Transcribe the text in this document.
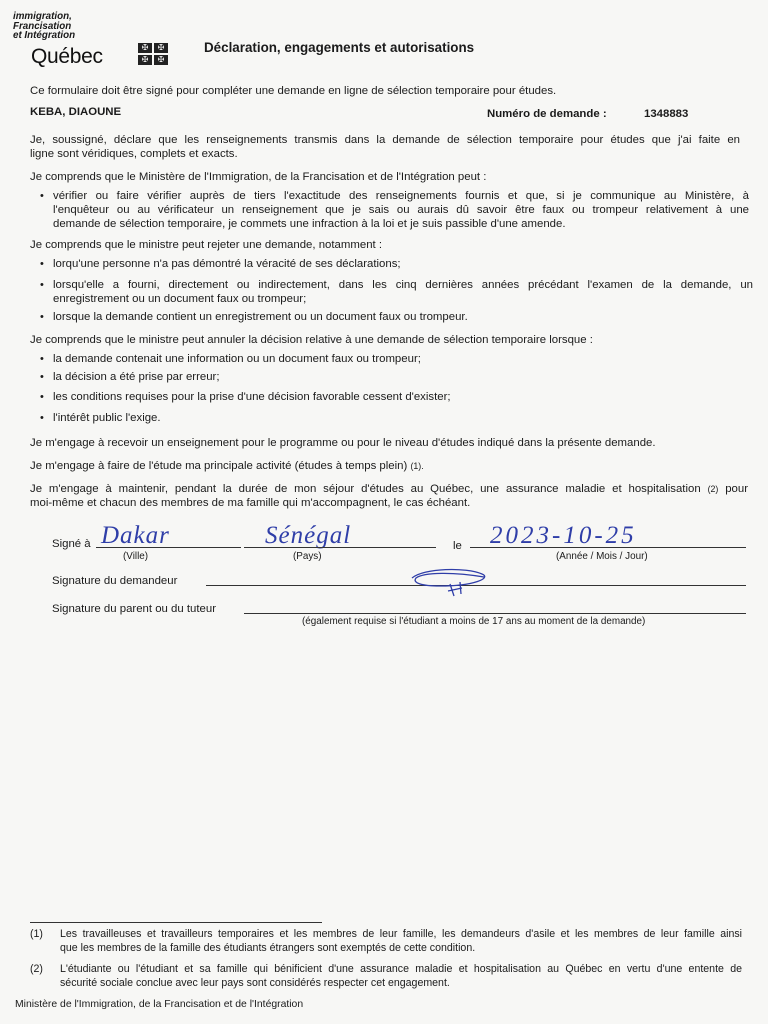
immigration,
Francisation
et Intégration
Québec	✠	✠
✠	✠
Déclaration, engagements et autorisations
Ce formulaire doit être signé pour compléter une demande en ligne de sélection temporaire pour études.
KEBA, DIAOUNE	Numéro de demande :	1348883
Je, soussigné, déclare que les renseignements transmis dans la demande de sélection temporaire pour études que j'ai faite en
ligne sont véridiques, complets et exacts.
Je comprends que le Ministère de l'Immigration, de la Francisation et de l'Intégration peut :
• vérifier ou faire vérifier auprès de tiers l'exactitude des renseignements fournis et que, si je communique au Ministère, à
l'enquêteur ou au vérificateur un renseignement que je sais ou aurais dû savoir être faux ou trompeur relativement à une
demande de sélection temporaire, je commets une infraction à la loi et je suis passible d'une amende.
Je comprends que le ministre peut rejeter une demande, notamment :
• lorqu'une personne n'a pas démontré la véracité de ses déclarations;
• lorsqu'elle a fourni, directement ou indirectement, dans les cinq dernières années précédant l'examen de la demande, un
enregistrement ou un document faux ou trompeur;
• lorsque la demande contient un enregistrement ou un document faux ou trompeur.
Je comprends que le ministre peut annuler la décision relative à une demande de sélection temporaire lorsque :
• la demande contenait une information ou un document faux ou trompeur;
• la décision a été prise par erreur;
• les conditions requises pour la prise d'une décision favorable cessent d'exister;
• l'intérêt public l'exige.
Je m'engage à recevoir un enseignement pour le programme ou pour le niveau d'études indiqué dans la présente demande.
Je m'engage à faire de l'étude ma principale activité (études à temps plein) (1).
Je m'engage à maintenir, pendant la durée de mon séjour d'études au Québec, une assurance maladie et hospitalisation (2) pour
moi-même et chacun des membres de ma famille qui m'accompagnent, le cas échéant.
Signé à Dakar
(Ville)
Sénégal
(Pays)
le 2023-10-25
(Année / Mois / Jour)
Signature du demandeur
Signature du parent ou du tuteur
(également requise si l'étudiant a moins de 17 ans au moment de la demande)
(1) Les travailleuses et travailleurs temporaires et les membres de leur famille, les demandeurs d'asile et les membres de leur famille ainsi
que les membres de la famille des étudiants étrangers sont exemptés de cette condition.
(2) L'étudiante ou l'étudiant et sa famille qui bénificient d'une assurance maladie et hospitalisation au Québec en vertu d'une entente de
sécurité sociale conclue avec leur pays sont considérés respecter cet engagement.
Ministère de l'Immigration, de la Francisation et de l'Intégration
